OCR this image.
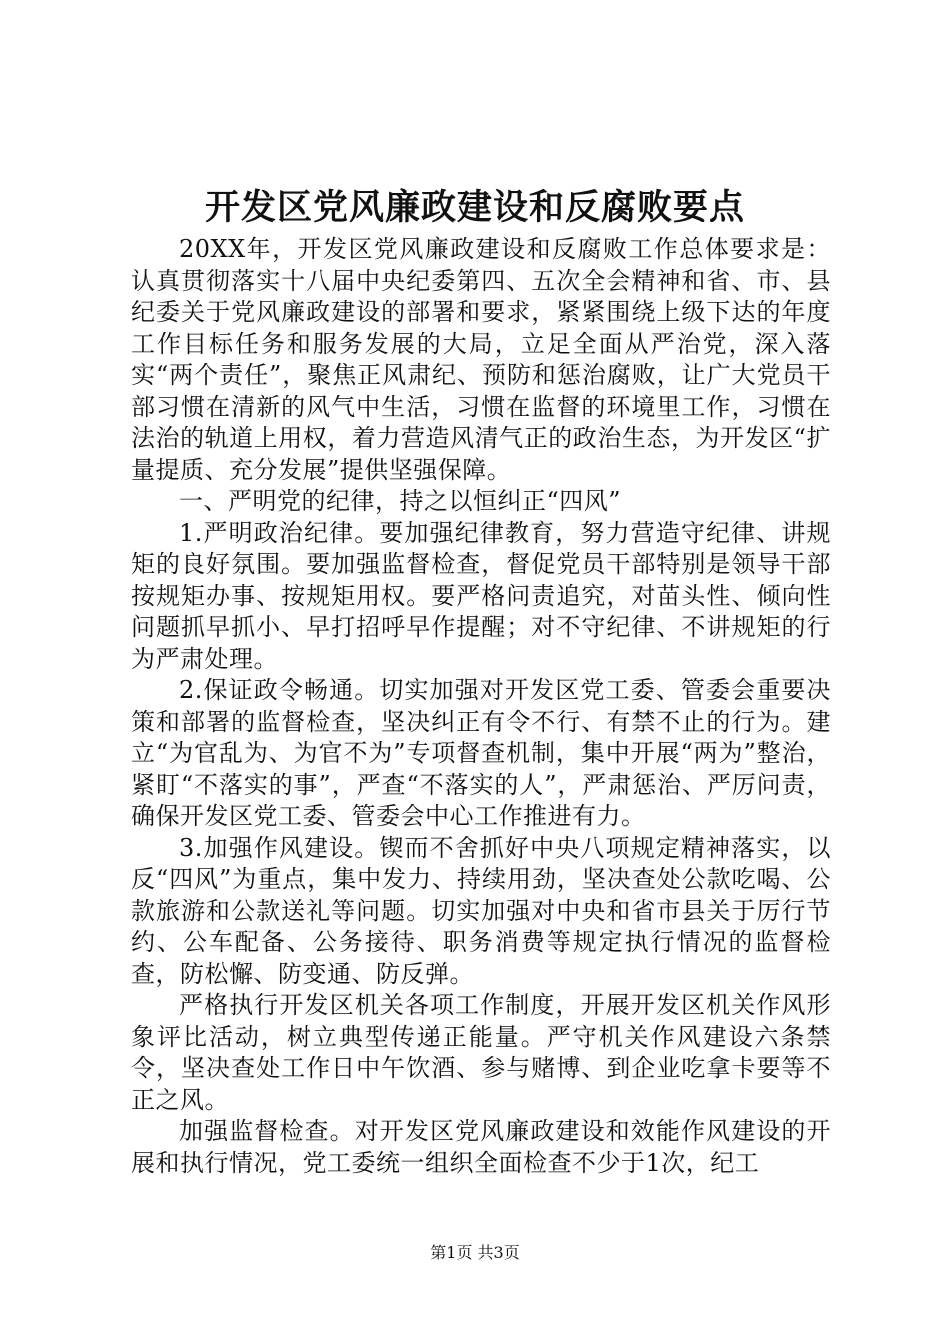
开发区党风廉政建设和反腐败要点

20XX年，开发区党风廉政建设和反腐败工作总体要求是：认真贯彻落实十八届中央纪委第四、五次全会精神和省、市、县纪委关于党风廉政建设的部署和要求，紧紧围绕上级下达的年度工作目标任务和服务发展的大局，立足全面从严治党，深入落实“两个责任”，聚焦正风肃纪、预防和惩治腐败，让广大党员干部习惯在清新的风气中生活，习惯在监督的环境里工作，习惯在法治的轨道上用权，着力营造风清气正的政治生态，为开发区“扩量提质、充分发展”提供坚强保障。

一、严明党的纪律，持之以恒纠正“四风”

1.严明政治纪律。要加强纪律教育，努力营造守纪律、讲规矩的良好氛围。要加强监督检查，督促党员干部特别是领导干部按规矩办事、按规矩用权。要严格问责追究，对苗头性、倾向性问题抓早抓小、早打招呼早作提醒；对不守纪律、不讲规矩的行为严肃处理。

2.保证政令畅通。切实加强对开发区党工委、管委会重要决策和部署的监督检查，坚决纠正有令不行、有禁不止的行为。建立“为官乱为、为官不为”专项督查机制，集中开展“两为”整治，紧盯“不落实的事”，严查“不落实的人”，严肃惩治、严厉问责，确保开发区党工委、管委会中心工作推进有力。

3.加强作风建设。锲而不舍抓好中央八项规定精神落实，以反“四风”为重点，集中发力、持续用劲，坚决查处公款吃喝、公款旅游和公款送礼等问题。切实加强对中央和省市县关于厉行节约、公车配备、公务接待、职务消费等规定执行情况的监督检查，防松懈、防变通、防反弹。

严格执行开发区机关各项工作制度，开展开发区机关作风形象评比活动，树立典型传递正能量。严守机关作风建设六条禁令，坚决查处工作日中午饮酒、参与赌博、到企业吃拿卡要等不正之风。

加强监督检查。对开发区党风廉政建设和效能作风建设的开展和执行情况，党工委统一组织全面检查不少于1次，纪工

第1页 共3页
